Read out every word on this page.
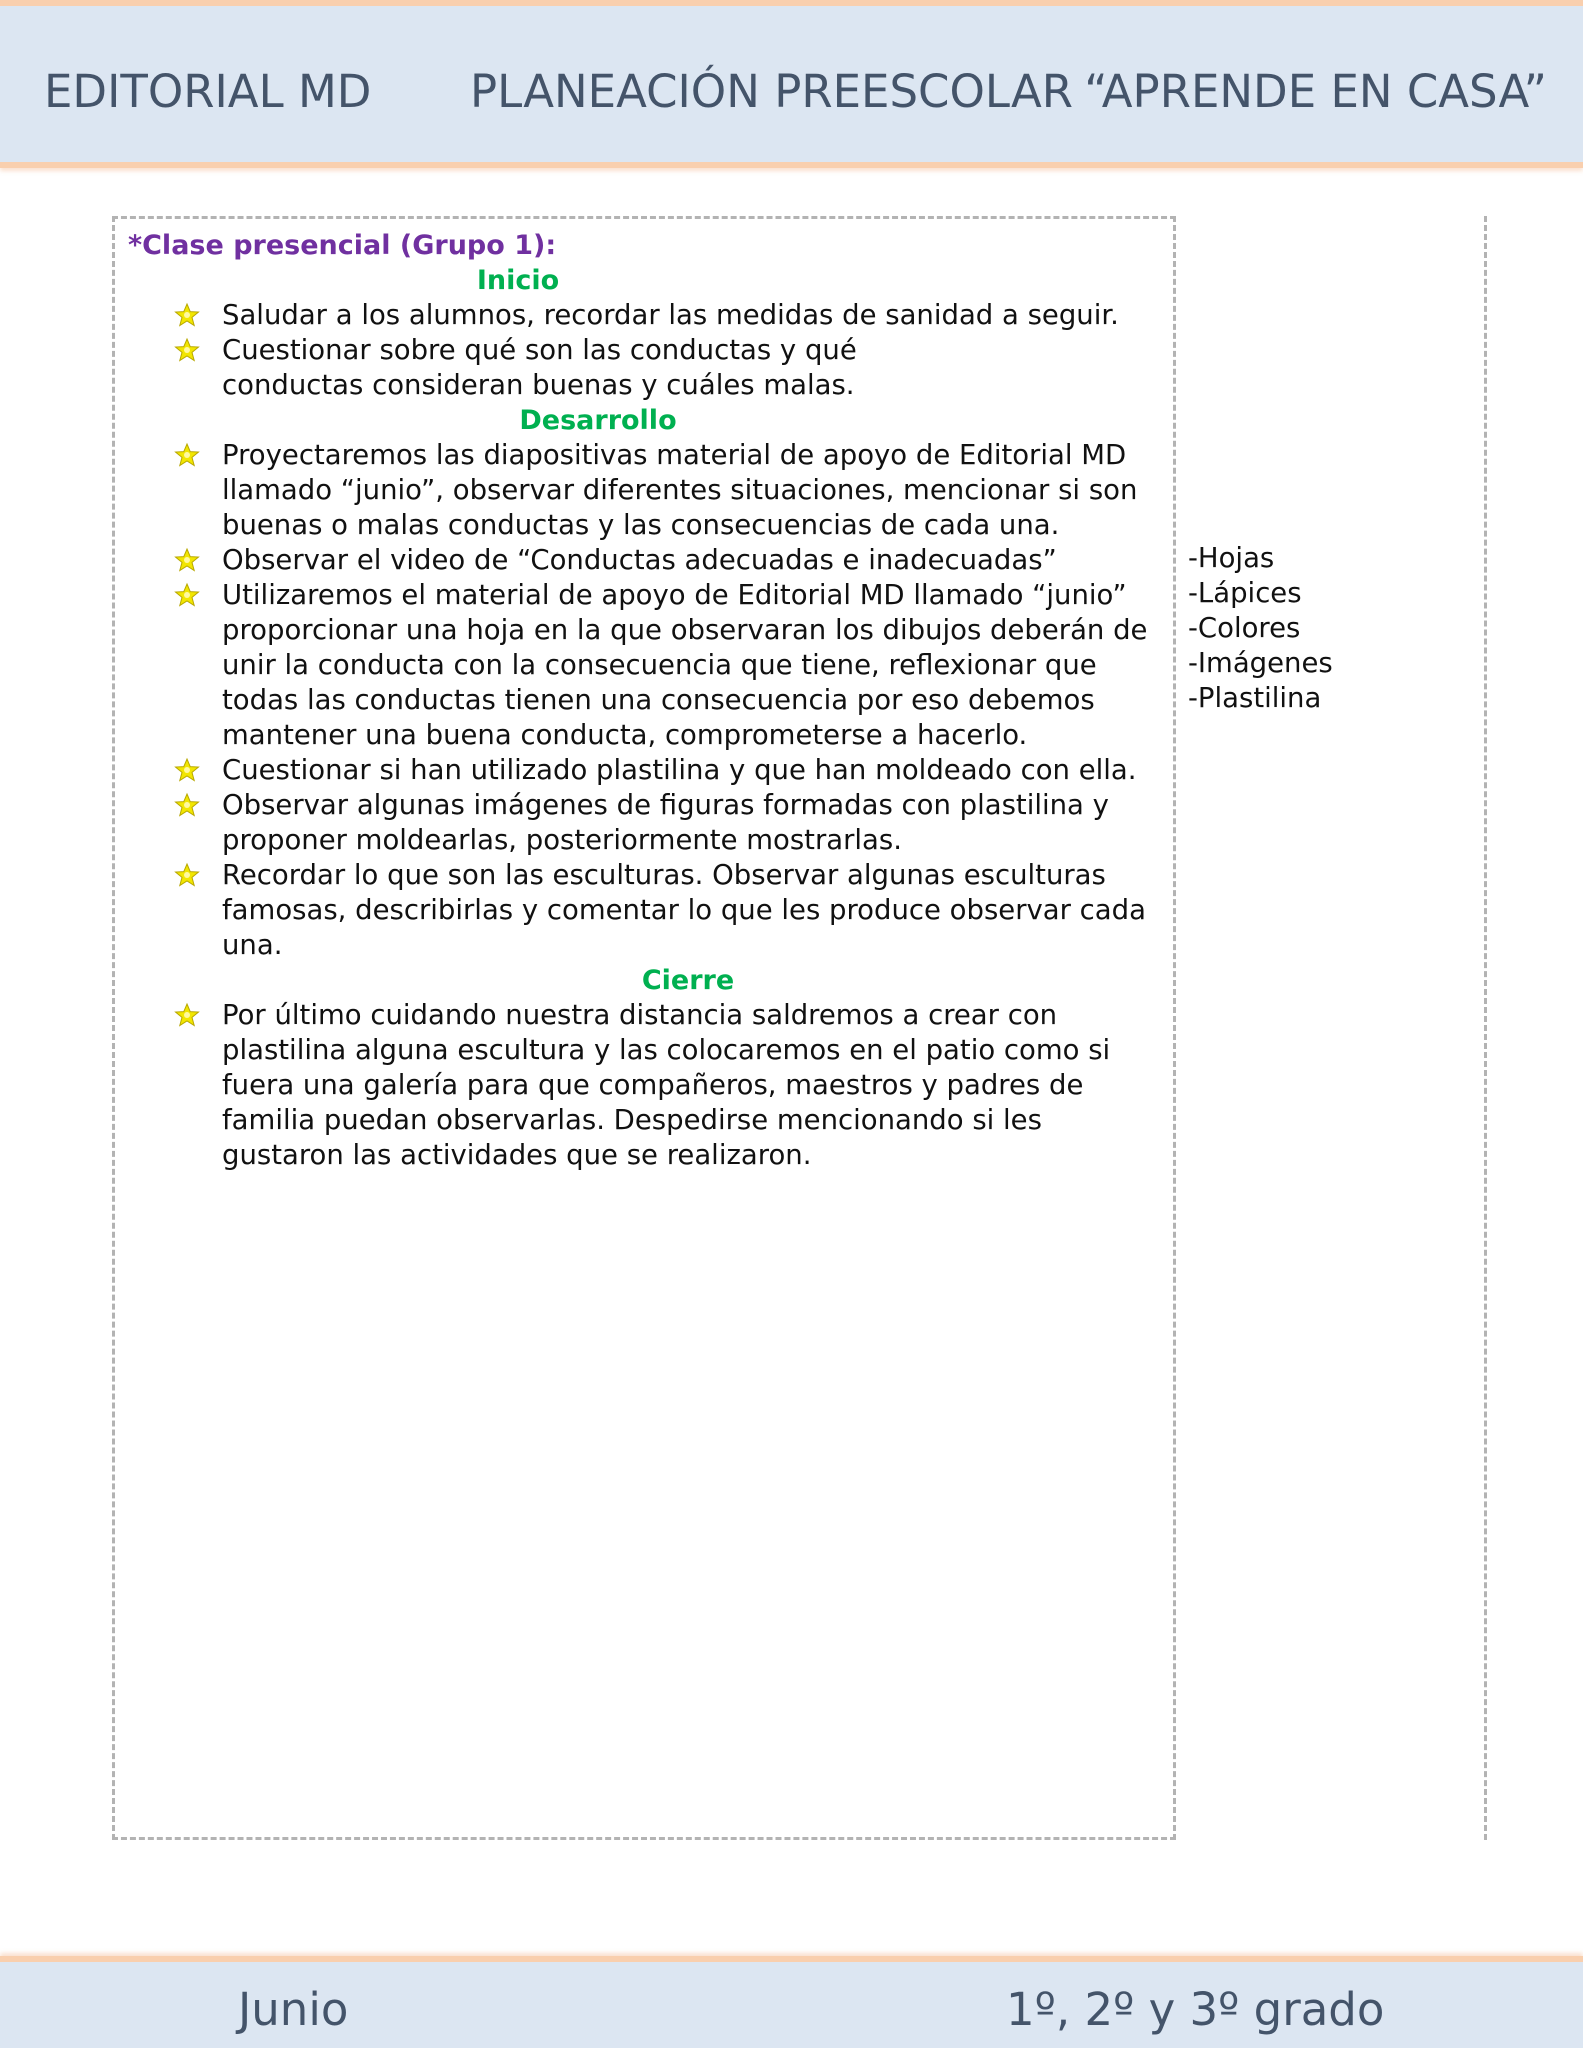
EDITORIAL MD PLANEACIÓN PREESCOLAR “APRENDE EN CASA”
*Clase presencial (Grupo 1):
Inicio
Saludar a los alumnos, recordar las medidas de sanidad a seguir.
Cuestionar sobre qué son las conductas y qué conductas consideran buenas y cuáles malas.
Desarrollo
Proyectaremos las diapositivas material de apoyo de Editorial MD llamado “junio”, observar diferentes situaciones, mencionar si son buenas o malas conductas y las consecuencias de cada una.
Observar el video de “Conductas adecuadas e inadecuadas”
Utilizaremos el material de apoyo de Editorial MD llamado “junio” proporcionar una hoja en la que observaran los dibujos deberán de unir la conducta con la consecuencia que tiene, reflexionar que todas las conductas tienen una consecuencia por eso debemos mantener una buena conducta, comprometerse a hacerlo.
Cuestionar si han utilizado plastilina y que han moldeado con ella.
Observar algunas imágenes de figuras formadas con plastilina y proponer moldearlas, posteriormente mostrarlas.
Recordar lo que son las esculturas. Observar algunas esculturas famosas, describirlas y comentar lo que les produce observar cada una.
Cierre
Por último cuidando nuestra distancia saldremos a crear con plastilina alguna escultura y las colocaremos en el patio como si fuera una galería para que compañeros, maestros y padres de familia puedan observarlas. Despedirse mencionando si les gustaron las actividades que se realizaron.
-Hojas
-Lápices
-Colores
-Imágenes
-Plastilina
Junio	1º, 2º y 3º grado
